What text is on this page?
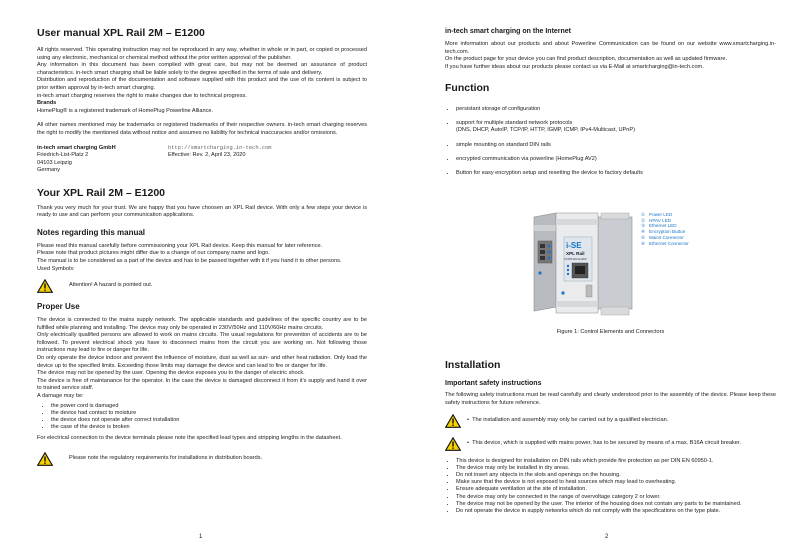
User manual XPL Rail 2M – E1200

All rights reserved. This operating instruction may not be reproduced in any way, whether in whole or in part, or copied or processed using any electronic, mechanical or chemical method without the prior written approval of the publisher.

Any information in this document has been compiled with great care, but may not be deemed an assurance of product characteristics. in-tech smart charging shall be liable solely to the degree specified in the terms of sale and delivery.

Distribution and reproduction of the documentation and software supplied with this product and the use of its content is subject to prior written approval by in-tech smart charging.

in-tech smart charging reserves the right to make changes due to technical progress.

Brands

HomePlug® is a registered trademark of HomePlug Powerline Alliance.

All other names mentioned may be trademarks or registered trademarks of their respective owners. in-tech smart charging reserves the right to modify the mentioned data without notice and assumes no liability for technical inaccuracies and/or omissions.

in-tech smart charging GmbH

Friedrich-List-Platz 2

04103 Leipzig

Germany

http://smartcharging.in-tech.com

Effective: Rev. 2, April 23, 2020

Your XPL Rail 2M – E1200

Thank you very much for your trust. We are happy that you have choosen an XPL Rail device. With only a few steps your device is ready to use and can perform your communication applications.

Notes regarding this manual

Please read this manual carefully before commissioning your XPL Rail device. Keep this manual for later reference.

Please note that product pictures might differ due to a change of our company name and logo.

The manual is to be considered as a part of the device and has to be passed together with it if you hand it to other persons.

Used Symbols:

Attention! A hazard is pointed out.

Proper Use

The device is connected to the mains supply network. The applicable standards and guidelines of the specific country are to be fulfilled while planning and installing. The device may only be operated in 230V/50Hz and 110V/60Hz mains circuits.

Only electrically qualified persons are allowed to work on mains circuits. The usual regulations for prevention of accidents are to be followed. To prevent electrical shock you have to disconnect mains from the circuit you are working on. Not following those instructions may lead to fire or danger for life.

Do only operate the device indoor and prevent the influence of moisture, dust as well as sun- and other heat radiation. Only load the device up to the specified limits. Exceeding those limits may damage the device and can lead to fire or danger for life.

The device may not be opened by the user. Opening the device exposes you to the danger of electric shock.

The device is free of maintanance for the operator. In the case the device is damaged disconnect it from it's supply and hand it over to trained service staff.

A damage may be:

• the power cord is damaged
• the device had contact to moisture
• the device does not operate after correct installation
• the case of the device is broken

For electrical connection to the device terminals please note the specified lead types and stripping lengths in the datasheet.

Please note the regulatory requirements for installations in distribution boards.
1

in-tech smart charging on the Internet

More information about our products and about Powerline Communication can be found on our website www.smartcharging.in-tech.com.

On the product page for your device you can find product description, documentation as well as updated firmware.

If you have further ideas about our products please contact us via E-Mail at smartcharging@in-tech.com.

Function

• persistant storage of configuration

• support for multiple standard network protocols
(DNS, DHCP, AutoIP, TCP/IP, HTTP, IGMP, ICMP, IPv4-Multicast, UPnP)

• simple mounting on standard DIN rails

• encrypted communication via powerline (HomePlug AV2)

• Button for easy encryption setup and resetting the device to factory defaults

i-SE
XPL Rail
XXXPLRAI E1200
① Power LED
② HPAV LED
③ Ethernet LED
④ Encryption Button
⑤ Mains Connector
⑥ Ethernet Connector

Figure 1: Control Elements and Connectors

Installation

Important safety instructions

The following safety instructions must be read carefully and clearly understood prior to the assembly of the device. Please keep these safety instructions for future reference.

•  The installation and assembly may only be carried out by a qualified electrician.
•  This device, which is supplied with mains power, has to be secured by means of a max. B16A circuit breaker.
• This device is designed for installation on DIN rails which provide fire protection as per DIN EN 60950-1.
• The device may only be installed in dry areas.
• Do not insert any objects in the slots and openings on the housing.
• Make sure that the device is not exposed to heat sources which may lead to overheating.
• Ensure adequate ventilation at the site of installation.
• The device may only be connected in the range of overvoltage category 2 or lower.
• The device may not be opened by the user. The interior of the housing does not contain any parts to be maintained.
• Do not operate the device in supply networks which do not comply with the specifications on the type plate.
2
